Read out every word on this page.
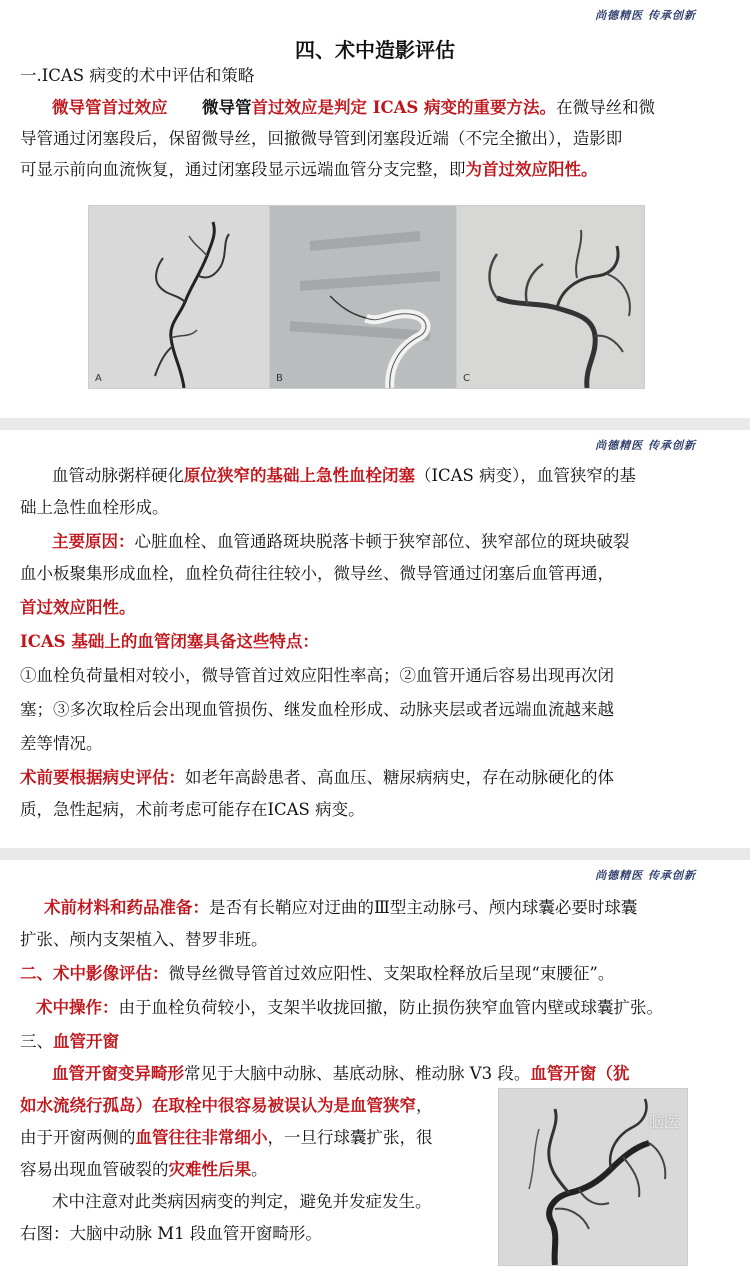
尚德精医 传承创新
四、术中造影评估
一.ICAS 病变的术中评估和策略
微导管首过效应 微导管首过效应是判定 ICAS 病变的重要方法。在微导丝和微
导管通过闭塞段后，保留微导丝，回撤微导管到闭塞段近端（不完全撤出），造影即
可显示前向血流恢复，通过闭塞段显示远端血管分支完整，即为首过效应阳性。
A	B	C
尚德精医 传承创新
血管动脉粥样硬化原位狭窄的基础上急性血栓闭塞（ICAS 病变），血管狭窄的基
础上急性血栓形成。
主要原因：心脏血栓、血管通路斑块脱落卡顿于狭窄部位、狭窄部位的斑块破裂
血小板聚集形成血栓，血栓负荷往往较小，微导丝、微导管通过闭塞后血管再通，
首过效应阳性。
ICAS 基础上的血管闭塞具备这些特点：
①血栓负荷量相对较小，微导管首过效应阳性率高；②血管开通后容易出现再次闭
塞；③多次取栓后会出现血管损伤、继发血栓形成、动脉夹层或者远端血流越来越
差等情况。
术前要根据病史评估：如老年高龄患者、高血压、糖尿病病史，存在动脉硬化的体
质，急性起病，术前考虑可能存在ICAS 病变。
尚德精医 传承创新
术前材料和药品准备：是否有长鞘应对迂曲的Ⅲ型主动脉弓、颅内球囊必要时球囊
扩张、颅内支架植入、替罗非班。
二、术中影像评估：微导丝微导管首过效应阳性、支架取栓释放后呈现“束腰征”。
术中操作：由于血栓负荷较小，支架半收拢回撤，防止损伤狭窄血管内壁或球囊扩张。
三、血管开窗
血管开窗变异畸形常见于大脑中动脉、基底动脉、椎动脉 V3 段。血管开窗（犹
如水流绕行孤岛）在取栓中很容易被误认为是血管狭窄，
由于开窗两侧的血管往往非常细小，一旦行球囊扩张，很
容易出现血管破裂的灾难性后果。
术中注意对此类病因病变的判定，避免并发症发生。
右图：大脑中动脉 M1 段血管开窗畸形。
脑医
